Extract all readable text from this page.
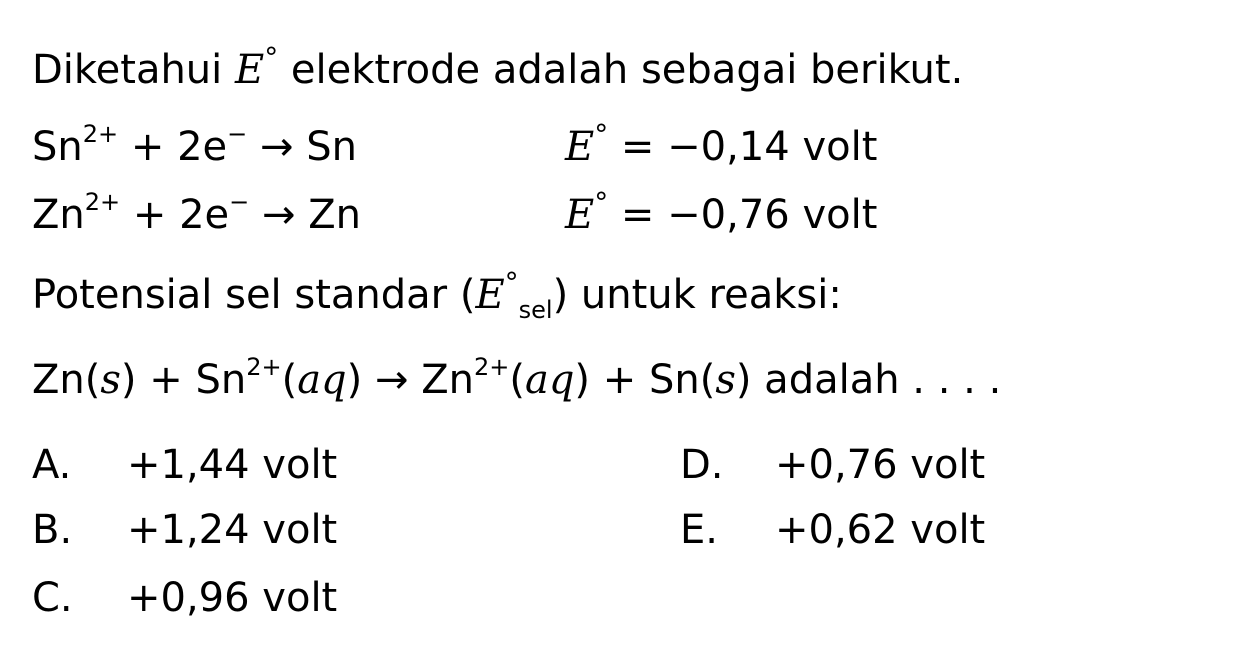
Diketahui E° elektrode adalah sebagai berikut.
$Sn^{2+} + 2e^- \to Sn$	E° = −0,14 volt
$Zn^{2+} + 2e^- \to Zn$	E° = −0,76 volt
Potensial sel standar $(E^\circ_{sel})$ untuk reaksi:
$Zn(s) + Sn^{2+}(aq) \to Zn^{2+}(aq) + Sn(s)$ adalah . . . .
A. +1,44 volt
B. +1,24 volt
C. +0,96 volt
D. +0,76 volt
E. +0,62 volt
